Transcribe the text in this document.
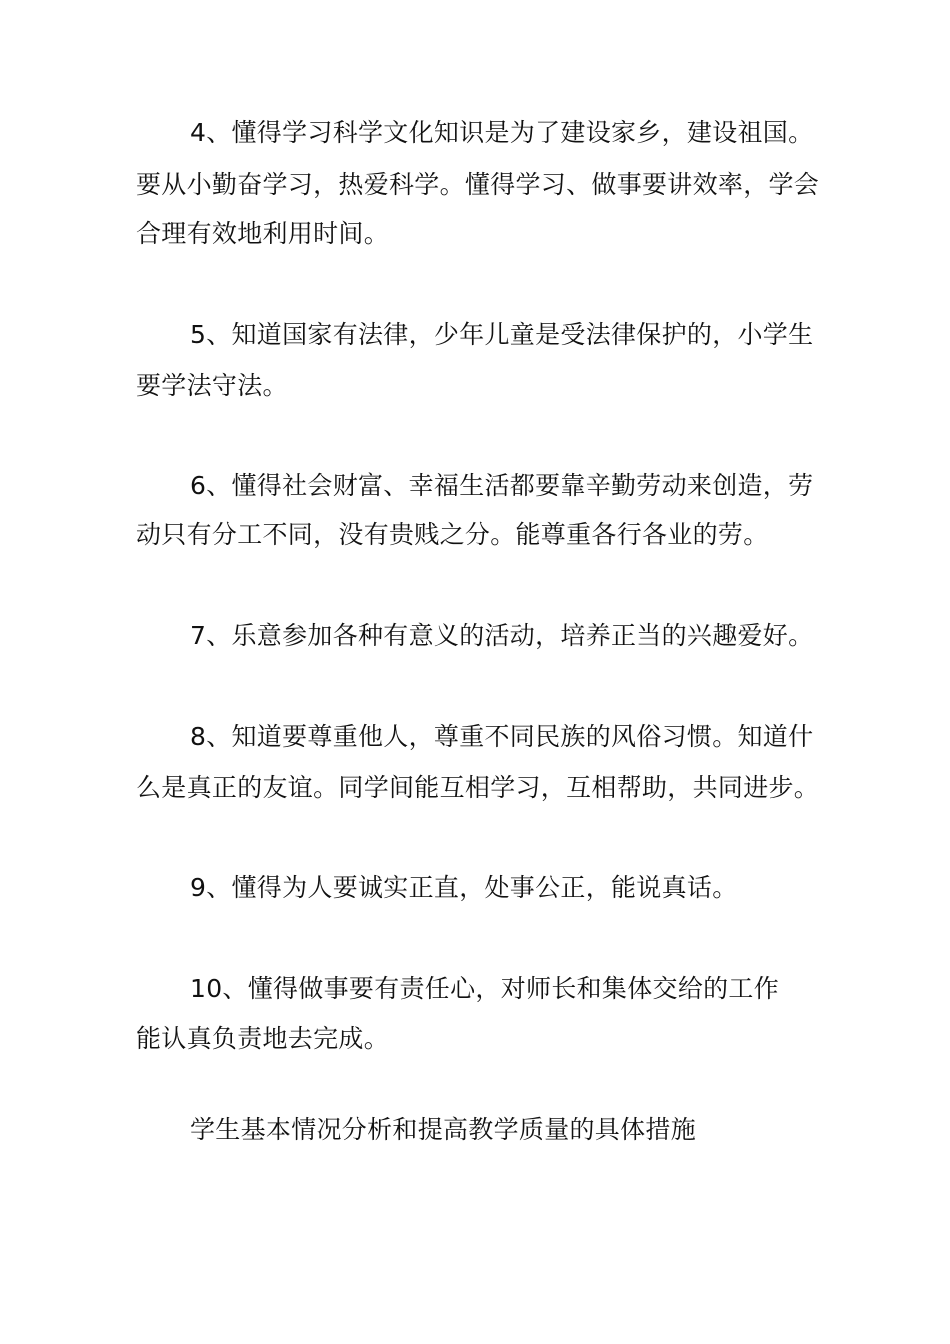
4、懂得学习科学文化知识是为了建设家乡，建设祖国。
要从小勤奋学习，热爱科学。懂得学习、做事要讲效率，学会
合理有效地利用时间。
5、知道国家有法律，少年儿童是受法律保护的，小学生
要学法守法。
6、懂得社会财富、幸福生活都要靠辛勤劳动来创造，劳
动只有分工不同，没有贵贱之分。能尊重各行各业的劳。
7、乐意参加各种有意义的活动，培养正当的兴趣爱好。
8、知道要尊重他人，尊重不同民族的风俗习惯。知道什
么是真正的友谊。同学间能互相学习，互相帮助，共同进步。
9、懂得为人要诚实正直，处事公正，能说真话。
10、懂得做事要有责任心，对师长和集体交给的工作
能认真负责地去完成。
学生基本情况分析和提高教学质量的具体措施
